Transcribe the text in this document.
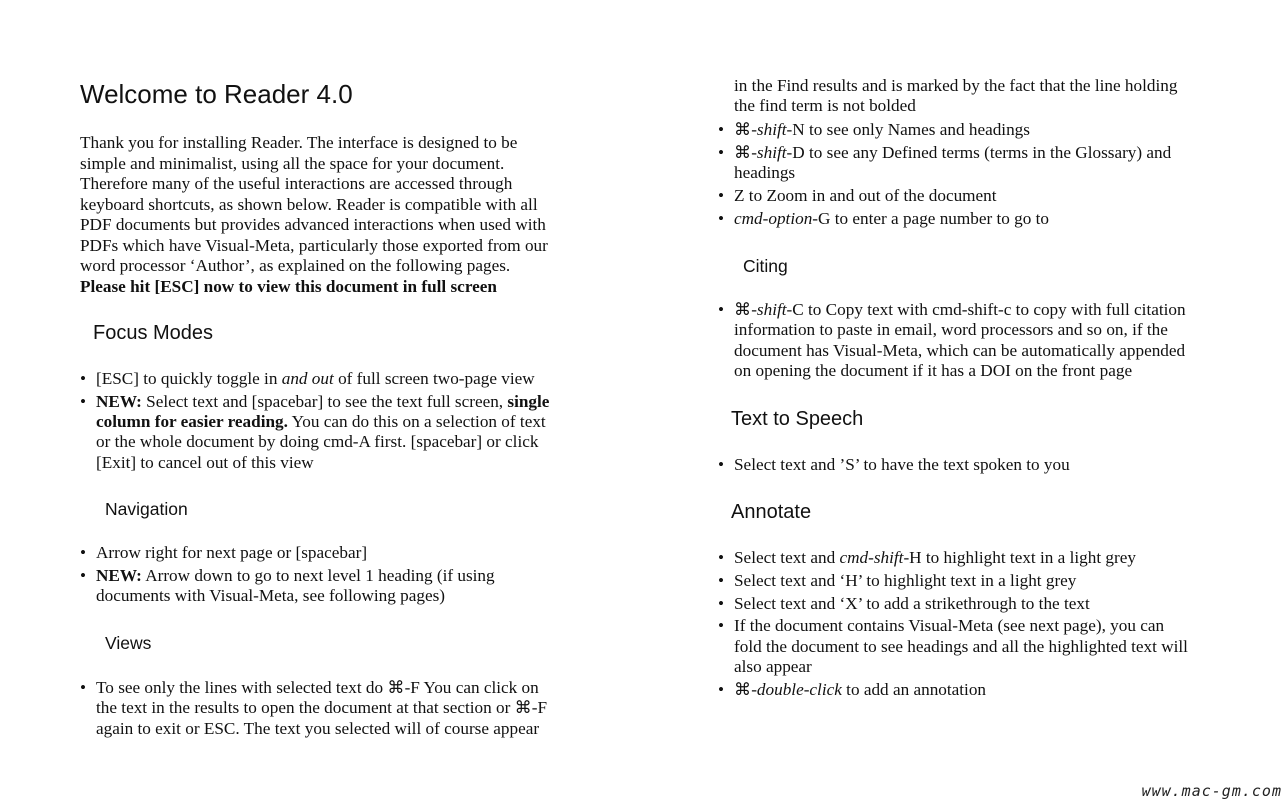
Welcome to Reader 4.0

Thank you for installing Reader. The interface is designed to be
simple and minimalist, using all the space for your document.
Therefore many of the useful interactions are accessed through
keyboard shortcuts, as shown below. Reader is compatible with all
PDF documents but provides advanced interactions when used with
PDFs which have Visual-Meta, particularly those exported from our
word processor ‘Author’, as explained on the following pages.
Please hit [ESC] now to view this document in full screen

Focus Modes
• [ESC] to quickly toggle in and out of full screen two-page view
• NEW: Select text and [spacebar] to see the text full screen, single
column for easier reading. You can do this on a selection of text
or the whole document by doing cmd-A first. [spacebar] or click
[Exit] to cancel out of this view
Navigation
• Arrow right for next page or [spacebar]
• NEW: Arrow down to go to next level 1 heading (if using
documents with Visual-Meta, see following pages)
Views
• To see only the lines with selected text do ⌘-F You can click on
the text in the results to open the document at that section or ⌘-F
again to exit or ESC. The text you selected will of course appear
in the Find results and is marked by the fact that the line holding
the find term is not bolded
• ⌘-shift-N to see only Names and headings
• ⌘-shift-D to see any Defined terms (terms in the Glossary) and
headings
• Z to Zoom in and out of the document
• cmd-option-G to enter a page number to go to
Citing
• ⌘-shift-C to Copy text with cmd-shift-c to copy with full citation
information to paste in email, word processors and so on, if the
document has Visual-Meta, which can be automatically appended
on opening the document if it has a DOI on the front page
Text to Speech
• Select text and ’S’ to have the text spoken to you
Annotate
• Select text and cmd-shift-H to highlight text in a light grey
• Select text and ‘H’ to highlight text in a light grey
• Select text and ‘X’ to add a strikethrough to the text
• If the document contains Visual-Meta (see next page), you can
fold the document to see headings and all the highlighted text will
also appear
• ⌘-double-click to add an annotation
www.mac-gm.com
